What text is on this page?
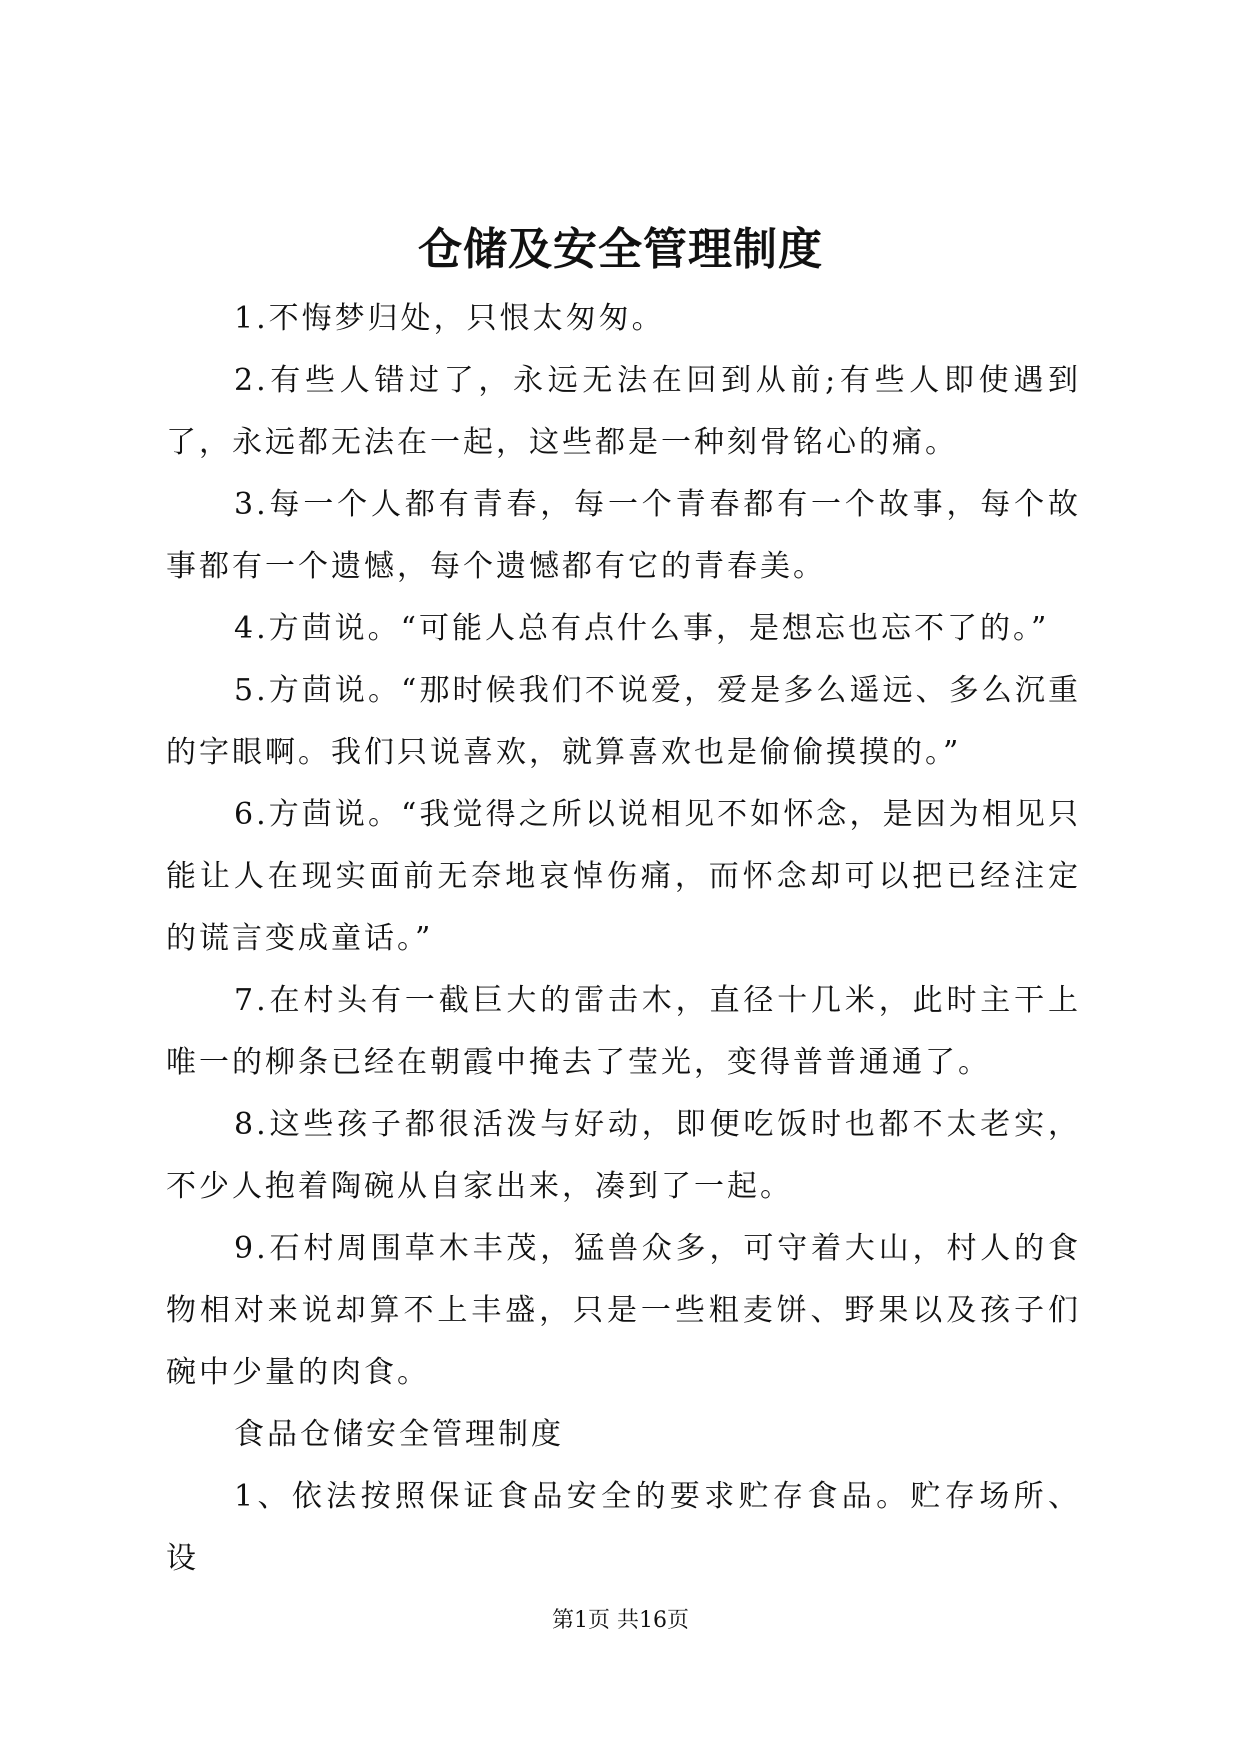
仓储及安全管理制度

1.不悔梦归处，只恨太匆匆。

2.有些人错过了，永远无法在回到从前;有些人即使遇到了，永远都无法在一起，这些都是一种刻骨铭心的痛。

3.每一个人都有青春，每一个青春都有一个故事，每个故事都有一个遗憾，每个遗憾都有它的青春美。

4.方茴说。“可能人总有点什么事，是想忘也忘不了的。”

5.方茴说。“那时候我们不说爱，爱是多么遥远、多么沉重的字眼啊。我们只说喜欢，就算喜欢也是偷偷摸摸的。”

6.方茴说。“我觉得之所以说相见不如怀念，是因为相见只能让人在现实面前无奈地哀悼伤痛，而怀念却可以把已经注定的谎言变成童话。”

7.在村头有一截巨大的雷击木，直径十几米，此时主干上唯一的柳条已经在朝霞中掩去了莹光，变得普普通通了。

8.这些孩子都很活泼与好动，即便吃饭时也都不太老实，不少人抱着陶碗从自家出来，凑到了一起。

9.石村周围草木丰茂，猛兽众多，可守着大山，村人的食物相对来说却算不上丰盛，只是一些粗麦饼、野果以及孩子们碗中少量的肉食。

食品仓储安全管理制度

1、依法按照保证食品安全的要求贮存食品。贮存场所、设

第1页 共16页
